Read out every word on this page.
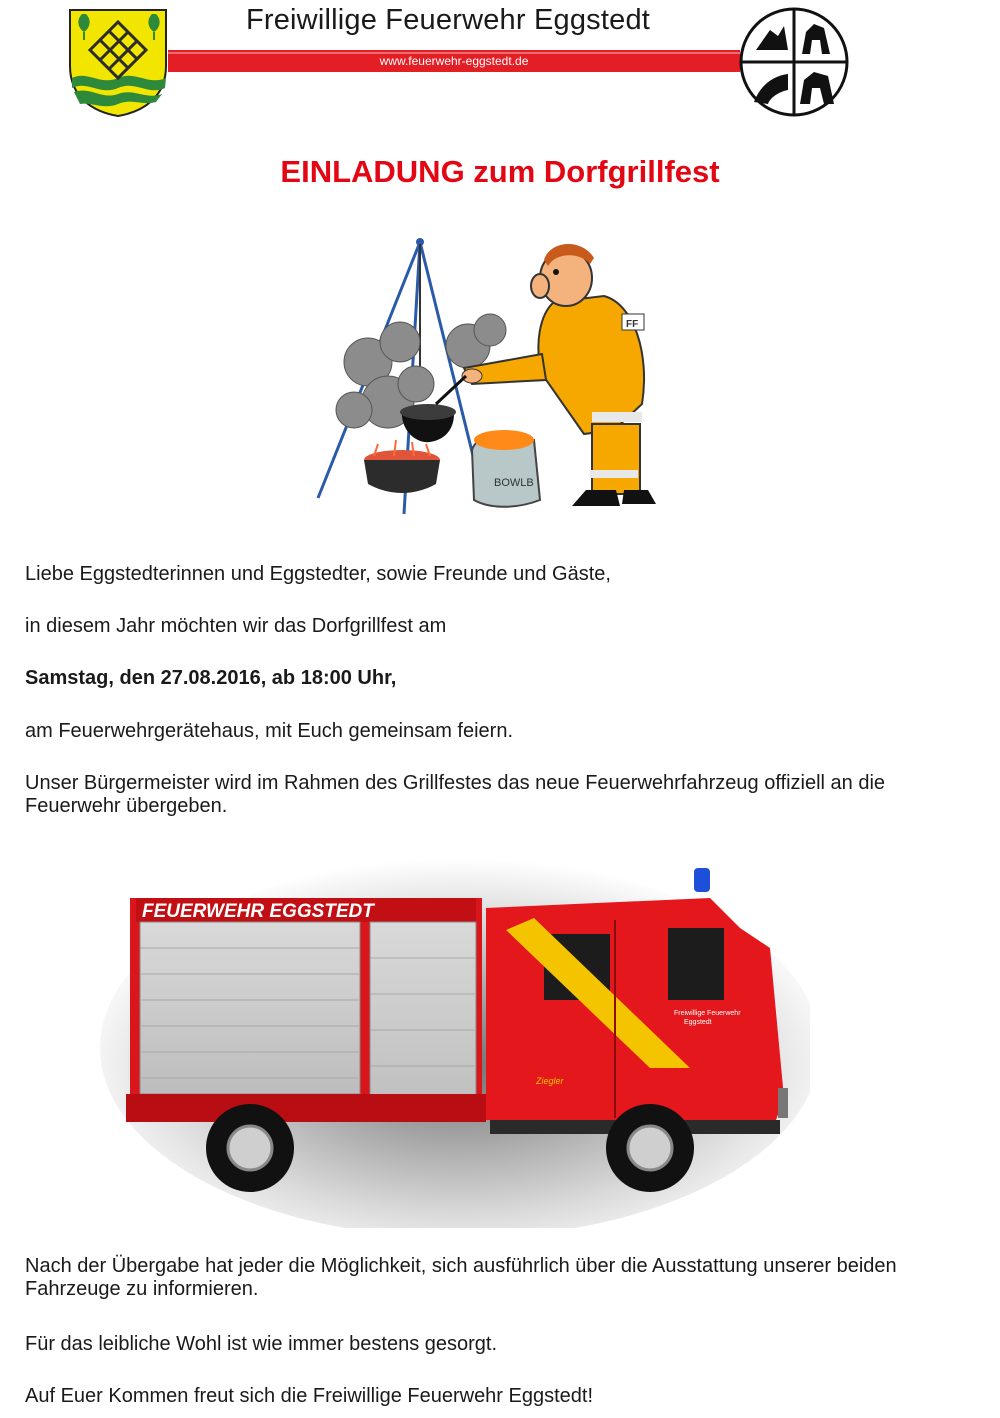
Freiwillige Feuerwehr Eggstedt
www.feuerwehr-eggstedt.de
EINLADUNG zum Dorfgrillfest
BOWLB
FF

Liebe Eggstedterinnen und Eggstedter, sowie Freunde und Gäste,

in diesem Jahr möchten wir das Dorfgrillfest am

Samstag, den 27.08.2016, ab 18:00 Uhr,

am Feuerwehrgerätehaus, mit Euch gemeinsam feiern.

Unser Bürgermeister wird im Rahmen des Grillfestes das neue Feuerwehrfahrzeug offiziell an die Feuerwehr übergeben.

FEUERWEHR EGGSTEDT
Freiwillige Feuerwehr
Eggstedt
Ziegler

Nach der Übergabe hat jeder die Möglichkeit, sich ausführlich über die Ausstattung unserer beiden Fahrzeuge zu informieren.

Für das leibliche Wohl ist wie immer bestens gesorgt.

Auf Euer Kommen freut sich die Freiwillige Feuerwehr Eggstedt!
